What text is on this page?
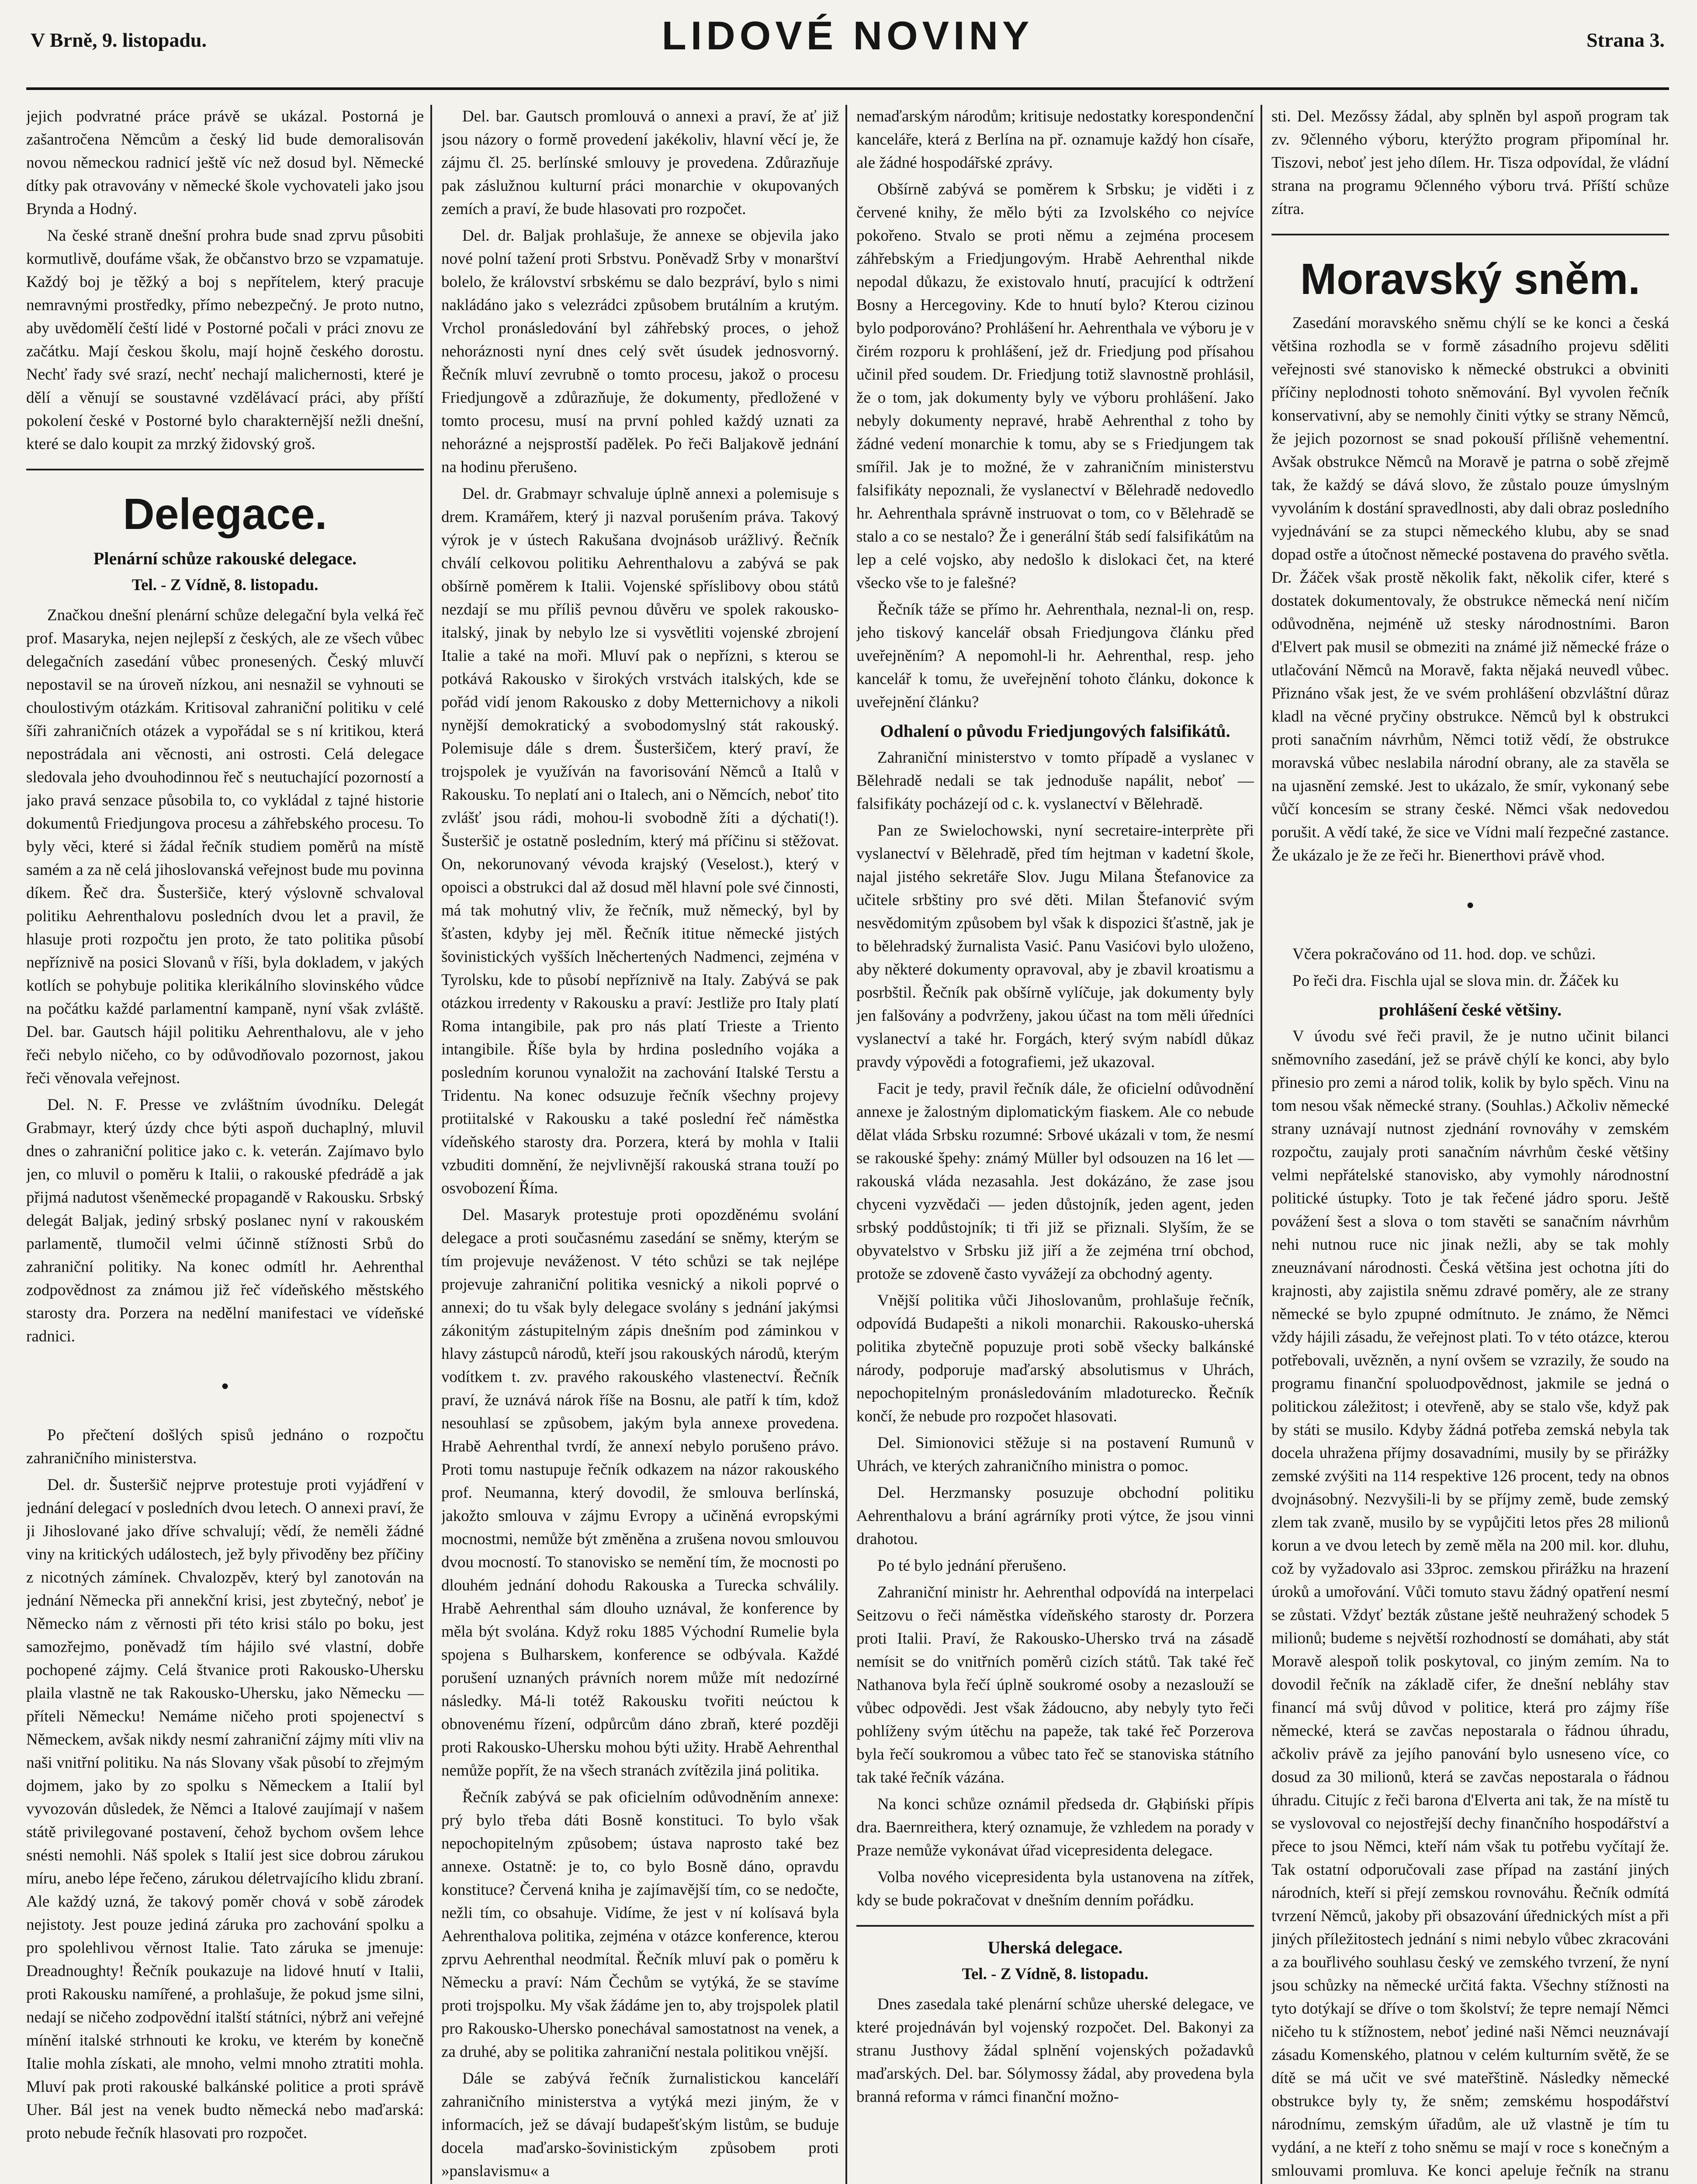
V Brně, 9. listopadu.	LIDOVÉ NOVINY	Strana 3.

jejich podvratné práce právě se ukázal. Postorná je zašantročena Němcům a český lid bude demoralisován novou německou radnicí ještě víc než dosud byl. Německé dítky pak otravovány v německé škole vychovateli jako jsou Brynda a Hodný.

Na české straně dnešní prohra bude snad zprvu působiti kormutlivě, doufáme však, že občanstvo brzo se vzpamatuje. Každý boj je těžký a boj s nepřítelem, který pracuje nemravnými prostředky, přímo nebezpečný. Je proto nutno, aby uvědomělí čeští lidé v Postorné počali v práci znovu ze začátku. Mají českou školu, mají hojně českého dorostu. Nechť řady své srazí, nechť nechají malichernosti, které je dělí a věnují se soustavné vzdělávací práci, aby příští pokolení české v Postorné bylo charakternější nežli dnešní, které se dalo koupit za mrzký židovský groš.

Delegace.
Plenární schůze rakouské delegace.
Tel. - Z Vídně, 8. listopadu.

Značkou dnešní plenární schůze delegační byla velká řeč prof. Masaryka, nejen nejlepší z českých, ale ze všech vůbec delegačních zasedání vůbec pronesených. Český mluvčí nepostavil se na úroveň nízkou, ani nesnažil se vyhnouti se choulostivým otázkám. Kritisoval zahraniční politiku v celé šíři zahraničních otázek a vypořádal se s ní kritikou, která nepostrádala ani věcnosti, ani ostrosti. Celá delegace sledovala jeho dvouhodinnou řeč s neutuchající pozorností a jako pravá senzace působila to, co vykládal z tajné historie dokumentů Friedjungova procesu a záhřebského procesu. To byly věci, které si žádal řečník studiem poměrů na místě samém a za ně celá jihoslovanská veřejnost bude mu povinna díkem. Řeč dra. Šusteršiče, který výslovně schvaloval politiku Aehrenthalovu posledních dvou let a pravil, že hlasuje proti rozpočtu jen proto, že tato politika působí nepříznivě na posici Slovanů v říši, byla dokladem, v jakých kotlích se pohybuje politika klerikálního slovinského vůdce na počátku každé parlamentní kampaně, nyní však zvláště. Del. bar. Gautsch hájil politiku Aehrenthalovu, ale v jeho řeči nebylo ničeho, co by odůvodňovalo pozornost, jakou řeči věnovala veřejnost.

Del. N. F. Presse ve zvláštním úvodníku. Delegát Grabmayr, který úzdy chce býti aspoň duchaplný, mluvil dnes o zahraniční politice jako c. k. veterán. Zajímavo bylo jen, co mluvil o poměru k Italii, o rakouské pfedrádě a jak přijmá nadutost všeněmecké propagandě v Rakousku. Srbský delegát Baljak, jediný srbský poslanec nyní v rakouském parlamentě, tlumočil velmi účinně stížnosti Srbů do zahraniční politiky. Na konec odmítl hr. Aehrenthal zodpovědnost za známou již řeč vídeňského městského starosty dra. Porzera na nedělní manifestaci ve vídeňské radnici.

●

Po přečtení došlých spisů jednáno o rozpočtu zahraničního ministerstva.

Del. dr. Šusteršič nejprve protestuje proti vyjádření v jednání delegací v posledních dvou letech. O annexi praví, že ji Jihoslované jako dříve schvalují; vědí, že neměli žádné viny na kritických událostech, jež byly přivoděny bez příčiny z nicotných zámínek. Chvalozpěv, který byl zanotován na jednání Německa při annekční krisi, jest zbytečný, neboť je Německo nám z věrnosti při této krisi stálo po boku, jest samozřejmo, poněvadž tím hájilo své vlastní, dobře pochopené zájmy. Celá štvanice proti Rakousko-Uhersku plaila vlastně ne tak Rakousko-Uhersku, jako Německu — příteli Německu! Nemáme ničeho proti spojenectví s Německem, avšak nikdy nesmí zahraniční zájmy míti vliv na naši vnitřní politiku. Na nás Slovany však působí to zřejmým dojmem, jako by zo spolku s Německem a Italií byl vyvozován důsledek, že Němci a Italové zaujímají v našem státě privilegované postavení, čehož bychom ovšem lehce snésti nemohli. Náš spolek s Italií jest sice dobrou zárukou míru, anebo lépe řečeno, zárukou déletrvajícího klidu zbraní. Ale každý uzná, že takový poměr chová v sobě zárodek nejistoty. Jest pouze jediná záruka pro zachování spolku a pro spolehlivou věrnost Italie. Tato záruka se jmenuje: Dreadnoughty! Řečník poukazuje na lidové hnutí v Italii, proti Rakousku namířené, a prohlašuje, že pokud jsme silni, nedají se ničeho zodpovědní italští státníci, nýbrž ani veřejné mínění italské strhnouti ke kroku, ve kterém by konečně Italie mohla získati, ale mnoho, velmi mnoho ztratiti mohla. Mluví pak proti rakouské balkánské politice a proti správě Uher. Bál jest na venek budto německá nebo maďarská: proto nebude řečník hlasovati pro rozpočet.

Del. bar. Gautsch promlouvá o annexi a praví, že ať již jsou názory o formě provedení jakékoliv, hlavní věcí je, že zájmu čl. 25. berlínské smlouvy je provedena. Zdůrazňuje pak záslužnou kulturní práci monarchie v okupovaných zemích a praví, že bude hlasovati pro rozpočet.

Del. dr. Baljak prohlašuje, že annexe se objevila jako nové polní tažení proti Srbstvu. Poněvadž Srby v monarštví bolelo, že království srbskému se dalo bezpráví, bylo s nimi nakládáno jako s velezrádci způsobem brutálním a krutým. Vrchol pronásledování byl záhřebský proces, o jehož nehoráznosti nyní dnes celý svět úsudek jednosvorný. Řečník mluví zevrubně o tomto procesu, jakož o procesu Friedjungově a zdůrazňuje, že dokumenty, předložené v tomto procesu, musí na první pohled každý uznati za nehorázné a nejsprostší padělek. Po řeči Baljakově jednání na hodinu přerušeno.

Del. dr. Grabmayr schvaluje úplně annexi a polemisuje s drem. Kramářem, který ji nazval porušením práva. Takový výrok je v ústech Rakušana dvojnásob urážlivý. Řečník chválí celkovou politiku Aehrenthalovu a zabývá se pak obšírně poměrem k Italii. Vojenské spříslibovy obou států nezdají se mu příliš pevnou důvěru ve spolek rakousko-italský, jinak by nebylo lze si vysvětliti vojenské zbrojení Italie a také na moři. Mluví pak o nepřízni, s kterou se potkává Rakousko v širokých vrstvách italských, kde se pořád vidí jenom Rakousko z doby Metternichovy a nikoli nynější demokratický a svobodomyslný stát rakouský. Polemisuje dále s drem. Šusteršičem, který praví, že trojspolek je využíván na favorisování Němců a Italů v Rakousku. To neplatí ani o Italech, ani o Němcích, neboť tito zvlášť jsou rádi, mohou-li svobodně žíti a dýchati(!). Šusteršič je ostatně posledním, který má příčinu si stěžovat. On, nekorunovaný vévoda krajský (Veselost.), který v opoisci a obstrukci dal až dosud měl hlavní pole své činnosti, má tak mohutný vliv, že řečník, muž německý, byl by šťasten, kdyby jej měl. Řečník ititue německé jistých šovinistických vyšších lněchertených Nadmenci, zejména v Tyrolsku, kde to působí nepříznivě na Italy. Zabývá se pak otázkou irredenty v Rakousku a praví: Jestliže pro Italy platí Roma intangibile, pak pro nás platí Trieste a Triento intangibile. Říše byla by hrdina posledního vojáka a posledním korunou vynaložit na zachování Italské Terstu a Tridentu. Na konec odsuzuje řečník všechny projevy protiitalské v Rakousku a také poslední řeč náměstka vídeňského starosty dra. Porzera, která by mohla v Italii vzbuditi domnění, že nejvlivnější rakouská strana touží po osvobození Říma.

Del. Masaryk protestuje proti opozděnému svolání delegace a proti současnému zasedání se sněmy, kterým se tím projevuje neváženost. V této schůzi se tak nejlépe projevuje zahraniční politika vesnický a nikoli poprvé o annexi; do tu však byly delegace svolány s jednání jakýmsi zákonitým zástupitelným zápis dnešním pod záminkou v hlavy zástupců národů, kteří jsou rakouských národů, kterým vodítkem t. zv. pravého rakouského vlastenectví. Řečník praví, že uznává nárok říše na Bosnu, ale patří k tím, kdož nesouhlasí se způsobem, jakým byla annexe provedena. Hrabě Aehrenthal tvrdí, že annexí nebylo porušeno právo. Proti tomu nastupuje řečník odkazem na názor rakouského prof. Neumanna, který dovodil, že smlouva berlínská, jakožto smlouva v zájmu Evropy a učiněná evropskými mocnostmi, nemůže být změněna a zrušena novou smlouvou dvou mocností. To stanovisko se nemění tím, že mocnosti po dlouhém jednání dohodu Rakouska a Turecka schválily. Hrabě Aehrenthal sám dlouho uznával, že konference by měla být svolána. Když roku 1885 Východní Rumelie byla spojena s Bulharskem, konference se odbývala. Každé porušení uznaných právních norem může mít nedozírné následky. Má-li totéž Rakousku tvořiti neúctou k obnovenému řízení, odpůrcům dáno zbraň, které později proti Rakousko-Uhersku mohou býti užity. Hrabě Aehrenthal nemůže popřít, že na všech stranách zvítězila jiná politika.

Řečník zabývá se pak oficielním odůvodněním annexe: prý bylo třeba dáti Bosně konstituci. To bylo však nepochopitelným způsobem; ústava naprosto také bez annexe. Ostatně: je to, co bylo Bosně dáno, opravdu konstituce? Červená kniha je zajímavější tím, co se nedočte, nežli tím, co obsahuje. Vidíme, že jest v ní kolísavá byla Aehrenthalova politika, zejména v otázce konference, kterou zprvu Aehrenthal neodmítal. Řečník mluví pak o poměru k Německu a praví: Nám Čechům se vytýká, že se stavíme proti trojspolku. My však žádáme jen to, aby trojspolek platil pro Rakousko-Uhersko ponechával samostatnost na venek, a za druhé, aby se politika zahraniční nestala politikou vnější.

Dále se zabývá řečník žurnalistickou kanceláří zahraničního ministerstva a vytýká mezi jiným, že v informacích, jež se dávají budapešťským listům, se buduje docela maďarsko-šovinistickým způsobem proti »panslavismu« a

nemaďarským národům; kritisuje nedostatky korespondenční kanceláře, která z Berlína na př. oznamuje každý hon císaře, ale žádné hospodářské zprávy.

Obšírně zabývá se poměrem k Srbsku; je viděti i z červené knihy, že mělo býti za Izvolského co nejvíce pokořeno. Stvalo se proti němu a zejména procesem záhřebským a Friedjungovým. Hrabě Aehrenthal nikde nepodal důkazu, že existovalo hnutí, pracující k odtržení Bosny a Hercegoviny. Kde to hnutí bylo? Kterou cizinou bylo podporováno? Prohlášení hr. Aehrenthala ve výboru je v čirém rozporu k prohlášení, jež dr. Friedjung pod přísahou učinil před soudem. Dr. Friedjung totiž slavnostně prohlásil, že o tom, jak dokumenty byly ve výboru prohlášení. Jako nebyly dokumenty nepravé, hrabě Aehrenthal z toho by žádné vedení monarchie k tomu, aby se s Friedjungem tak smířil. Jak je to možné, že v zahraničním ministerstvu falsifikáty nepoznali, že vyslanectví v Bělehradě nedovedlo hr. Aehrenthala správně instruovat o tom, co v Bělehradě se stalo a co se nestalo? Že i generální štáb sedí falsifikátům na lep a celé vojsko, aby nedošlo k dislokaci čet, na které všecko vše to je falešné?

Řečník táže se přímo hr. Aehrenthala, neznal-li on, resp. jeho tiskový kancelář obsah Friedjungova článku před uveřejněním? A nepomohl-li hr. Aehrenthal, resp. jeho kancelář k tomu, že uveřejnění tohoto článku, dokonce k uveřejnění článku?

Odhalení o původu Friedjungových falsifikátů.

Zahraniční ministerstvo v tomto případě a vyslanec v Bělehradě nedali se tak jednoduše napálit, neboť — falsifikáty pocházejí od c. k. vyslanectví v Bělehradě.

Pan ze Swielochowski, nyní secretaire-interprète při vyslanectví v Bělehradě, před tím hejtman v kadetní škole, najal jistého sekretáře Slov. Jugu Milana Štefanovice za učitele srbštiny pro své děti. Milan Štefanović svým nesvědomitým způsobem byl však k dispozici šťastně, jak je to bělehradský žurnalista Vasić. Panu Vasićovi bylo uloženo, aby některé dokumenty opravoval, aby je zbavil kroatismu a posrbštil. Řečník pak obšírně vylíčuje, jak dokumenty byly jen falšovány a podvrženy, jakou účast na tom měli úředníci vyslanectví a také hr. Forgách, který svým nabídl důkaz pravdy výpovědi a fotografiemi, jež ukazoval.

Facit je tedy, pravil řečník dále, že oficielní odůvodnění annexe je žalostným diplomatickým fiaskem. Ale co nebude dělat vláda Srbsku rozumné: Srbové ukázali v tom, že nesmí se rakouské špehy: známý Müller byl odsouzen na 16 let — rakouská vláda nezasahla. Jest dokázáno, že zase jsou chyceni vyzvědači — jeden důstojník, jeden agent, jeden srbský poddůstojník; ti tři již se přiznali. Slyším, že se obyvatelstvo v Srbsku již jiří a že zejména trní obchod, protože se zdoveně často vyvážejí za obchodný agenty.

Vnější politika vůči Jihoslovanům, prohlašuje řečník, odpovídá Budapešti a nikoli monarchii. Rakousko-uherská politika zbytečně popuzuje proti sobě všecky balkánské národy, podporuje maďarský absolutismus v Uhrách, nepochopitelným pronásledováním mladoturecko. Řečník končí, že nebude pro rozpočet hlasovati.

Del. Simionovici stěžuje si na postavení Rumunů v Uhrách, ve kterých zahraničního ministra o pomoc.

Del. Herzmansky posuzuje obchodní politiku Aehrenthalovu a brání agrárníky proti výtce, že jsou vinni drahotou.

Po té bylo jednání přerušeno.

Zahraniční ministr hr. Aehrenthal odpovídá na interpelaci Seitzovu o řeči náměstka vídeňského starosty dr. Porzera proti Italii. Praví, že Rakousko-Uhersko trvá na zásadě nemísit se do vnitřních poměrů cizích států. Tak také řeč Nathanova byla řečí úplně soukromé osoby a nezaslouží se vůbec odpovědi. Jest však žádoucno, aby nebyly tyto řeči pohlíženy svým útěchu na papeže, tak také řeč Porzerova byla řečí soukromou a vůbec tato řeč se stanoviska státního tak také řečník vázána.

Na konci schůze oznámil předseda dr. Głąbiński přípis dra. Baernreithera, který oznamuje, že vzhledem na porady v Praze nemůže vykonávat úřad vicepresidenta delegace.

Volba nového vicepresidenta byla ustanovena na zítřek, kdy se bude pokračovat v dnešním denním pořádku.

Uherská delegace.
Tel. - Z Vídně, 8. listopadu.

Dnes zasedala také plenární schůze uherské delegace, ve které projednáván byl vojenský rozpočet. Del. Bakonyi za stranu Justhovy žádal splnění vojenských požadavků maďarských. Del. bar. Sólymossy žádal, aby provedena byla branná reforma v rámci finanční možno-

sti. Del. Mezőssy žádal, aby splněn byl aspoň program tak zv. 9členného výboru, kterýžto program připomínal hr. Tiszovi, neboť jest jeho dílem. Hr. Tisza odpovídal, že vládní strana na programu 9členného výboru trvá. Příští schůze zítra.

Moravský sněm.

Zasedání moravského sněmu chýlí se ke konci a česká většina rozhodla se v formě zásadního projevu sděliti veřejnosti své stanovisko k německé obstrukci a obviniti příčiny neplodnosti tohoto sněmování. Byl vyvolen řečník konservativní, aby se nemohly činiti výtky se strany Němců, že jejich pozornost se snad pokouší přílišně vehementní. Avšak obstrukce Němců na Moravě je patrna o sobě zřejmě tak, že každý se dává slovo, že zůstalo pouze úmyslným vyvoláním k dostání spravedlnosti, aby dali obraz posledního vyjednávání se za stupci německého klubu, aby se snad dopad ostře a útočnost německé postavena do pravého světla. Dr. Žáček však prostě několik fakt, několik cifer, které s dostatek dokumentovaly, že obstrukce německá není ničím odůvodněna, nejméně už stesky národnostními. Baron d'Elvert pak musil se obmeziti na známé již německé fráze o utlačování Němců na Moravě, fakta nějaká neuvedl vůbec. Přiznáno však jest, že ve svém prohlášení obzvláštní důraz kladl na věcné pryčiny obstrukce. Němců byl k obstrukci proti sanačním návrhům, Němci totiž vědí, že obstrukce moravská vůbec neslabila národní obrany, ale za stavěla se na ujasnění zemské. Jest to ukázalo, že smír, vykonaný sebe vůčí koncesím se strany české. Němci však nedovedou porušit. A vědí také, že sice ve Vídni malí řezpečné zastance. Že ukázalo je že ze řeči hr. Bienerthovi právě vhod.

●

Včera pokračováno od 11. hod. dop. ve schůzi.

Po řeči dra. Fischla ujal se slova min. dr. Žáček ku

prohlášení české většiny.

V úvodu své řeči pravil, že je nutno učinit bilanci sněmovního zasedání, jež se právě chýlí ke konci, aby bylo přinesio pro zemi a národ tolik, kolik by bylo spěch. Vinu na tom nesou však německé strany. (Souhlas.) Ačkoliv německé strany uznávají nutnost zjednání rovnováhy v zemském rozpočtu, zaujaly proti sanačním návrhům české většiny velmi nepřátelské stanovisko, aby vymohly národnostní politické ústupky. Toto je tak řečené jádro sporu. Ještě povážení šest a slova o tom stavěti se sanačním návrhům nehi nutnou ruce nic jinak nežli, aby se tak mohly zneuznávaní národnosti. Česká většina jest ochotna jíti do krajnosti, aby zajistila sněmu zdravé poměry, ale ze strany německé se bylo zpupné odmítnuto. Je známo, že Němci vždy hájili zásadu, že veřejnost plati. To v této otázce, kterou potřebovali, uvězněn, a nyní ovšem se vzrazily, že soudo na programu finanční spoluodpovědnost, jakmile se jedná o politickou záležitost; i otevřeně, aby se stalo vše, když pak by státi se musilo. Kdyby žádná potřeba zemská nebyla tak docela uhražena příjmy dosavadními, musily by se přirážky zemské zvýšiti na 114 respektive 126 procent, tedy na obnos dvojnásobný. Nezvyšili-li by se příjmy země, bude zemský zlem tak zvaně, musilo by se vypůjčiti letos přes 28 milionů korun a ve dvou letech by země měla na 200 mil. kor. dluhu, což by vyžadovalo asi 33proc. zemskou přirážku na hrazení úroků a umořování. Vůči tomuto stavu žádný opatření nesmí se zůstati. Vždyť bezták zůstane ještě neuhražený schodek 5 milionů; budeme s největší rozhodností se domáhati, aby stát Moravě alespoň tolik poskytoval, co jiným zemím. Na to dovodil řečník na základě cifer, že dnešní nebláhy stav financí má svůj důvod v politice, která pro zájmy říše německé, která se zavčas nepostarala o řádnou úhradu, ačkoliv právě za jejího panování bylo usneseno více, co dosud za 30 milionů, která se zavčas nepostarala o řádnou úhradu. Citujíc z řeči barona d'Elverta ani tak, že na místě tu se vyslovoval co nejostřejší dechy finančního hospodářství a přece to jsou Němci, kteří nám však tu potřebu vyčítají že. Tak ostatní odporučovali zase případ na zastání jiných národních, kteří si přejí zemskou rovnováhu. Řečník odmítá tvrzení Němců, jakoby při obsazování úřednických míst a při jiných příležitostech jednání s nimi nebylo vůbec zkracováni a za bouřlivého souhlasu český ve zemského tvrzení, že nyní jsou schůzky na německé určitá fakta. Všechny stížnosti na tyto dotýkají se dříve o tom školství; že tepre nemají Němci ničeho tu k stížnostem, neboť jediné naši Němci neuznávají zásadu Komenského, platnou v celém kulturním světě, že se dítě se má učit ve své mateřštině. Následky německé obstrukce byly ty, že sněm; zemskému hospodářství národnímu, zemským úřadům, ale už vlastně je tím tu vydání, a ne kteří z toho sněmu se mají v roce s konečným a smlouvami promluva. Ke konci apeluje řečník na stranu
